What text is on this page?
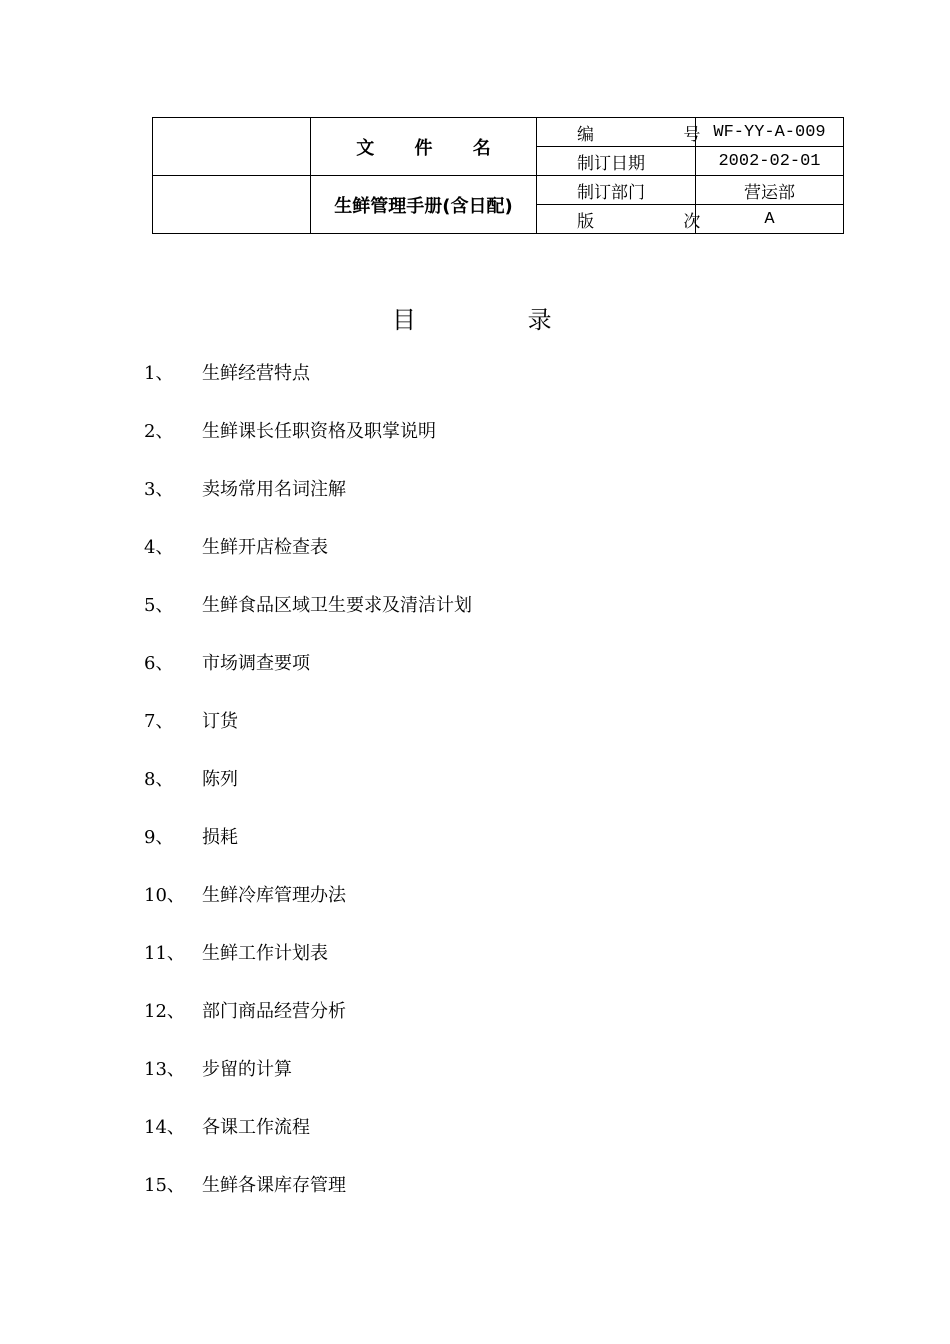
	文 件 名	编 号	WF-YY-A-009
		制订日期	2002-02-01
	生鲜管理手册(含日配)	制订部门	营运部
		版 次	A
目 录
1、 生鲜经营特点
2、 生鲜课长任职资格及职掌说明
3、 卖场常用名词注解
4、 生鲜开店检查表
5、 生鲜食品区域卫生要求及清洁计划
6、 市场调查要项
7、 订货
8、 陈列
9、 损耗
10、 生鲜冷库管理办法
11、 生鲜工作计划表
12、 部门商品经营分析
13、 步留的计算
14、 各课工作流程
15、 生鲜各课库存管理
